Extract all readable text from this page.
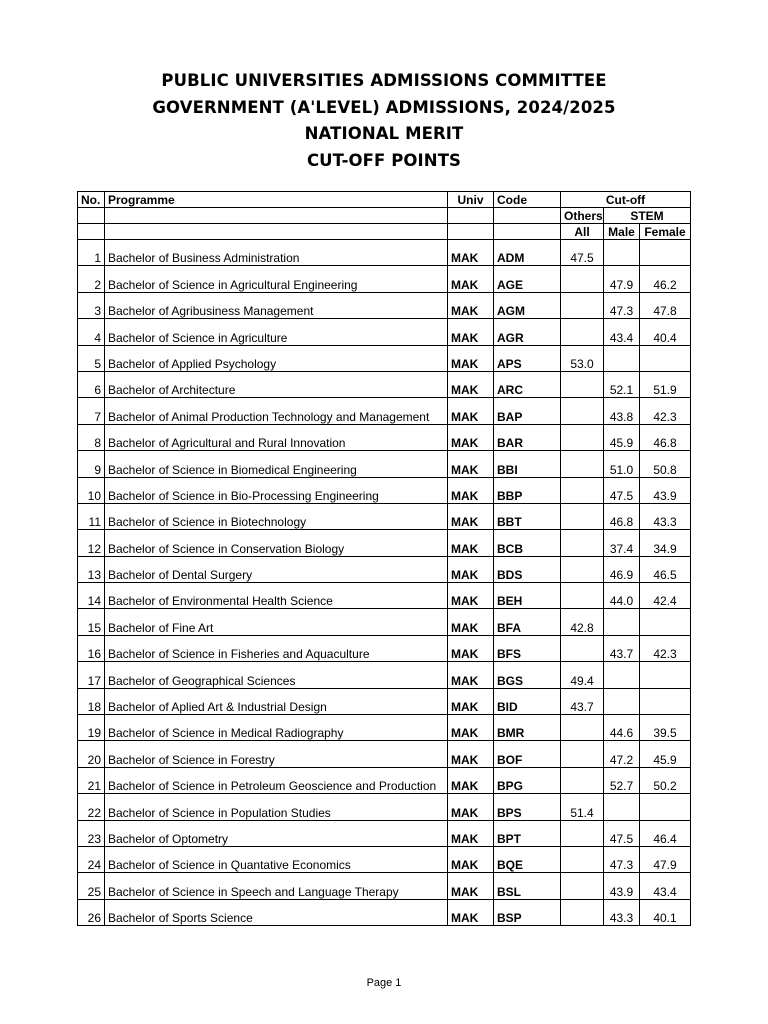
PUBLIC UNIVERSITIES ADMISSIONS COMMITTEE
GOVERNMENT (A'LEVEL) ADMISSIONS, 2024/2025
NATIONAL MERIT
CUT-OFF POINTS
No.	Programme	Univ	Code	Cut-off		
				Others	STEM	
				All	Male	Female
1	Bachelor of Business Administration	MAK	ADM	47.5		
2	Bachelor of Science in Agricultural Engineering	MAK	AGE		47.9	46.2
3	Bachelor of Agribusiness Management	MAK	AGM		47.3	47.8
4	Bachelor of Science in Agriculture	MAK	AGR		43.4	40.4
5	Bachelor of Applied Psychology	MAK	APS	53.0		
6	Bachelor of Architecture	MAK	ARC		52.1	51.9
7	Bachelor of Animal Production Technology and Management	MAK	BAP		43.8	42.3
8	Bachelor of Agricultural and Rural Innovation	MAK	BAR		45.9	46.8
9	Bachelor of Science in Biomedical Engineering	MAK	BBI		51.0	50.8
10	Bachelor of Science in Bio-Processing Engineering	MAK	BBP		47.5	43.9
11	Bachelor of Science in Biotechnology	MAK	BBT		46.8	43.3
12	Bachelor of Science in Conservation Biology	MAK	BCB		37.4	34.9
13	Bachelor of Dental Surgery	MAK	BDS		46.9	46.5
14	Bachelor of Environmental Health Science	MAK	BEH		44.0	42.4
15	Bachelor of Fine Art	MAK	BFA	42.8		
16	Bachelor of Science in Fisheries and Aquaculture	MAK	BFS		43.7	42.3
17	Bachelor of Geographical Sciences	MAK	BGS	49.4		
18	Bachelor of Aplied Art & Industrial Design	MAK	BID	43.7		
19	Bachelor of Science in Medical Radiography	MAK	BMR		44.6	39.5
20	Bachelor of Science in Forestry	MAK	BOF		47.2	45.9
21	Bachelor of Science in Petroleum Geoscience and Production	MAK	BPG		52.7	50.2
22	Bachelor of Science in Population Studies	MAK	BPS	51.4		
23	Bachelor of Optometry	MAK	BPT		47.5	46.4
24	Bachelor of Science in Quantative Economics	MAK	BQE		47.3	47.9
25	Bachelor of Science in Speech and Language Therapy	MAK	BSL		43.9	43.4
26	Bachelor of Sports Science	MAK	BSP		43.3	40.1
Page 1
